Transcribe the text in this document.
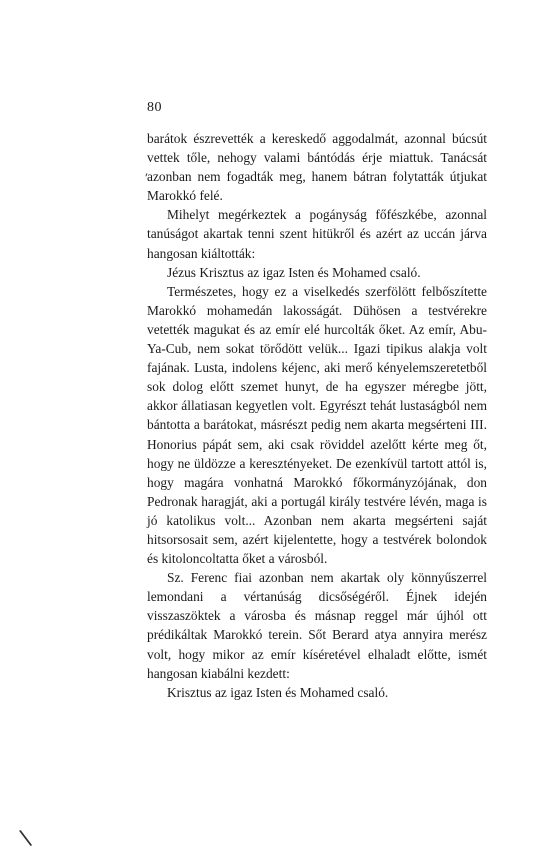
80
ʹ

barátok észrevették a kereskedő aggodalmát, azonnal búcsút vettek tőle, nehogy valami bántódás érje miattuk. Tanácsát azonban nem fogadták meg, hanem bátran folytatták útjukat Marokkó felé.

Mihelyt megérkeztek a pogányság főfészkébe, azonnal tanúságot akartak tenni szent hitükről és azért az uccán járva hangosan kiáltották:

Jézus Krisztus az igaz Isten és Mohamed csaló.

Természetes, hogy ez a viselkedés szerfölött felbőszítette Marokkó mohamedán lakosságát. Dühösen a testvérekre vetették magukat és az emír elé hurcolták őket. Az emír, Abu-Ya-Cub, nem sokat törődött velük... Igazi tipikus alakja volt fajának. Lusta, indolens kéjenc, aki merő kényelemszeretetből sok dolog előtt szemet hunyt, de ha egyszer méregbe jött, akkor állatiasan kegyetlen volt. Egyrészt tehát lustaságból nem bántotta a barátokat, másrészt pedig nem akarta megsérteni III. Honorius pápát sem, aki csak röviddel azelőtt kérte meg őt, hogy ne üldözze a keresztényeket. De ezenkívül tartott attól is, hogy magára vonhatná Marokkó főkormányzójának, don Pedronak haragját, aki a portugál király testvére lévén, maga is jó katolikus volt... Azonban nem akarta megsérteni saját hitsorsosait sem, azért kijelentette, hogy a testvérek bolondok és kitoloncoltatta őket a városból.

Sz. Ferenc fiai azonban nem akartak oly könnyűszerrel lemondani a vértanúság dicsőségéről. Éjnek idején visszaszöktek a városba és másnap reggel már újhól ott prédikáltak Marokkó terein. Sőt Berard atya annyira merész volt, hogy mikor az emír kíséretével elhaladt előtte, ismét hangosan kiabálni kezdett:

Krisztus az igaz Isten és Mohamed csaló.

\
